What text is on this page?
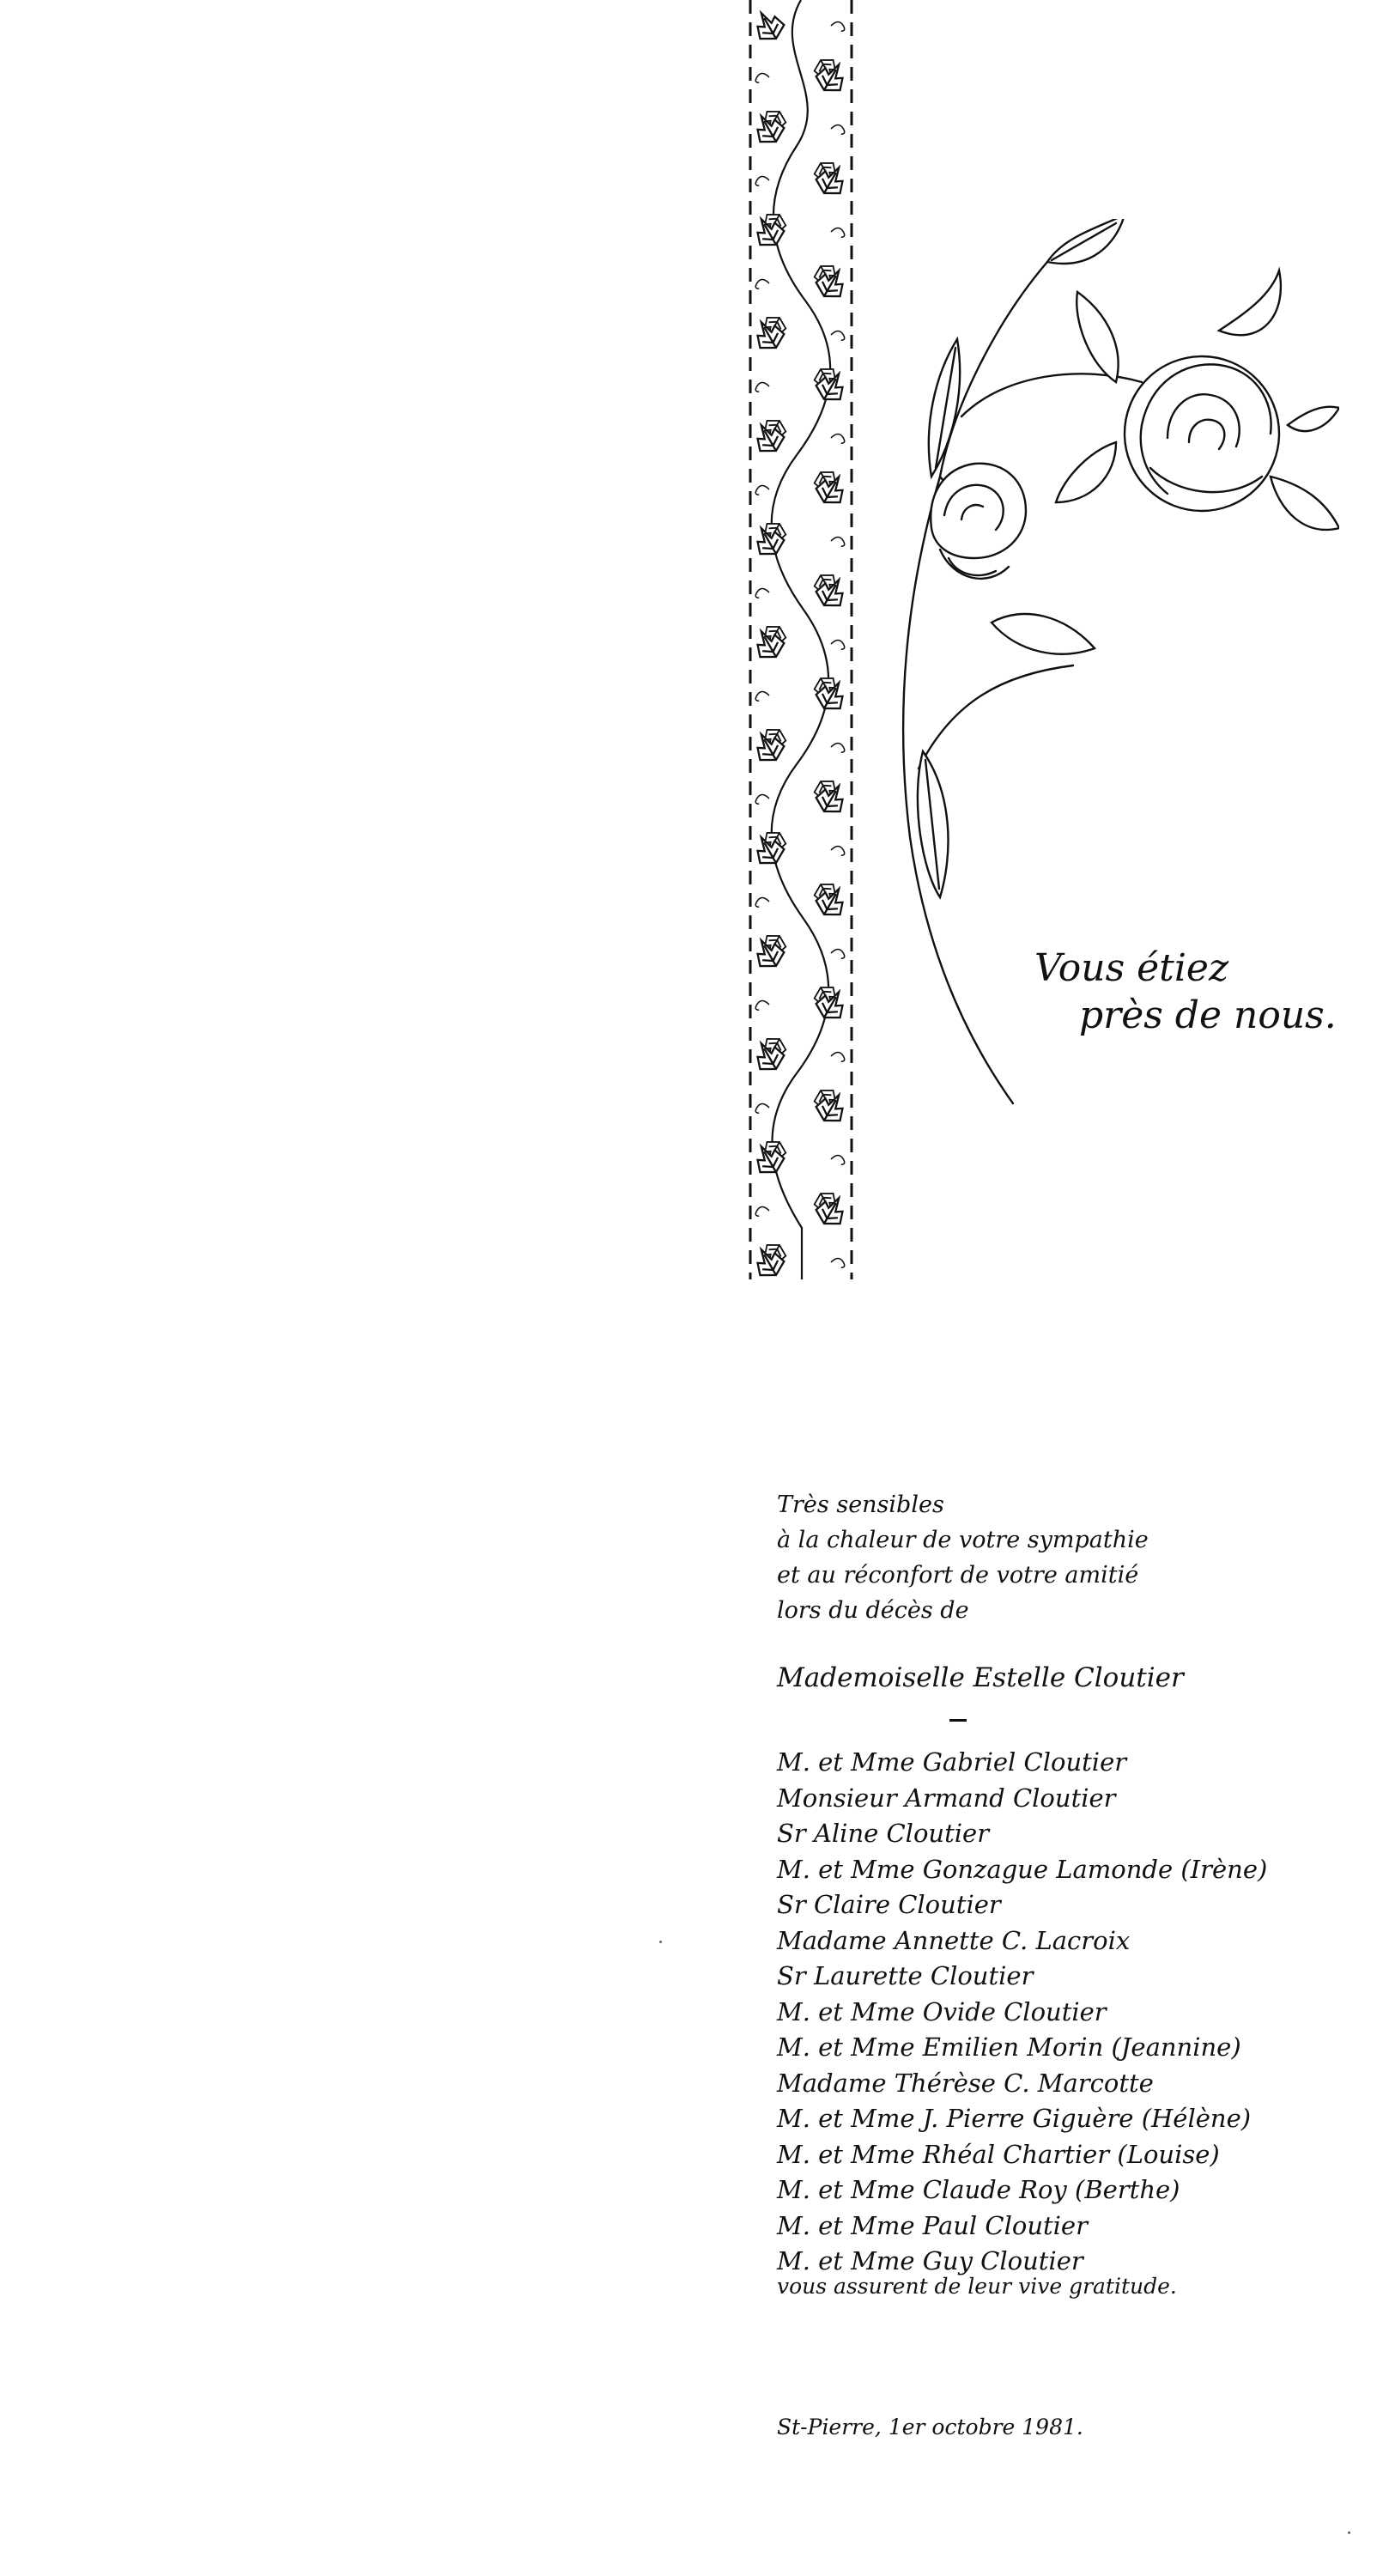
Vous étiez
près de nous.
Très sensibles
à la chaleur de votre sympathie
et au réconfort de votre amitié
lors du décès de
Mademoiselle Estelle Cloutier
M. et Mme Gabriel Cloutier
Monsieur Armand Cloutier
Sr Aline Cloutier
M. et Mme Gonzague Lamonde (Irène)
Sr Claire Cloutier
Madame Annette C. Lacroix
Sr Laurette Cloutier
M. et Mme Ovide Cloutier
M. et Mme Emilien Morin (Jeannine)
Madame Thérèse C. Marcotte
M. et Mme J. Pierre Giguère (Hélène)
M. et Mme Rhéal Chartier (Louise)
M. et Mme Claude Roy (Berthe)
M. et Mme Paul Cloutier
M. et Mme Guy Cloutier
vous assurent de leur vive gratitude.
St-Pierre, 1er octobre 1981.
